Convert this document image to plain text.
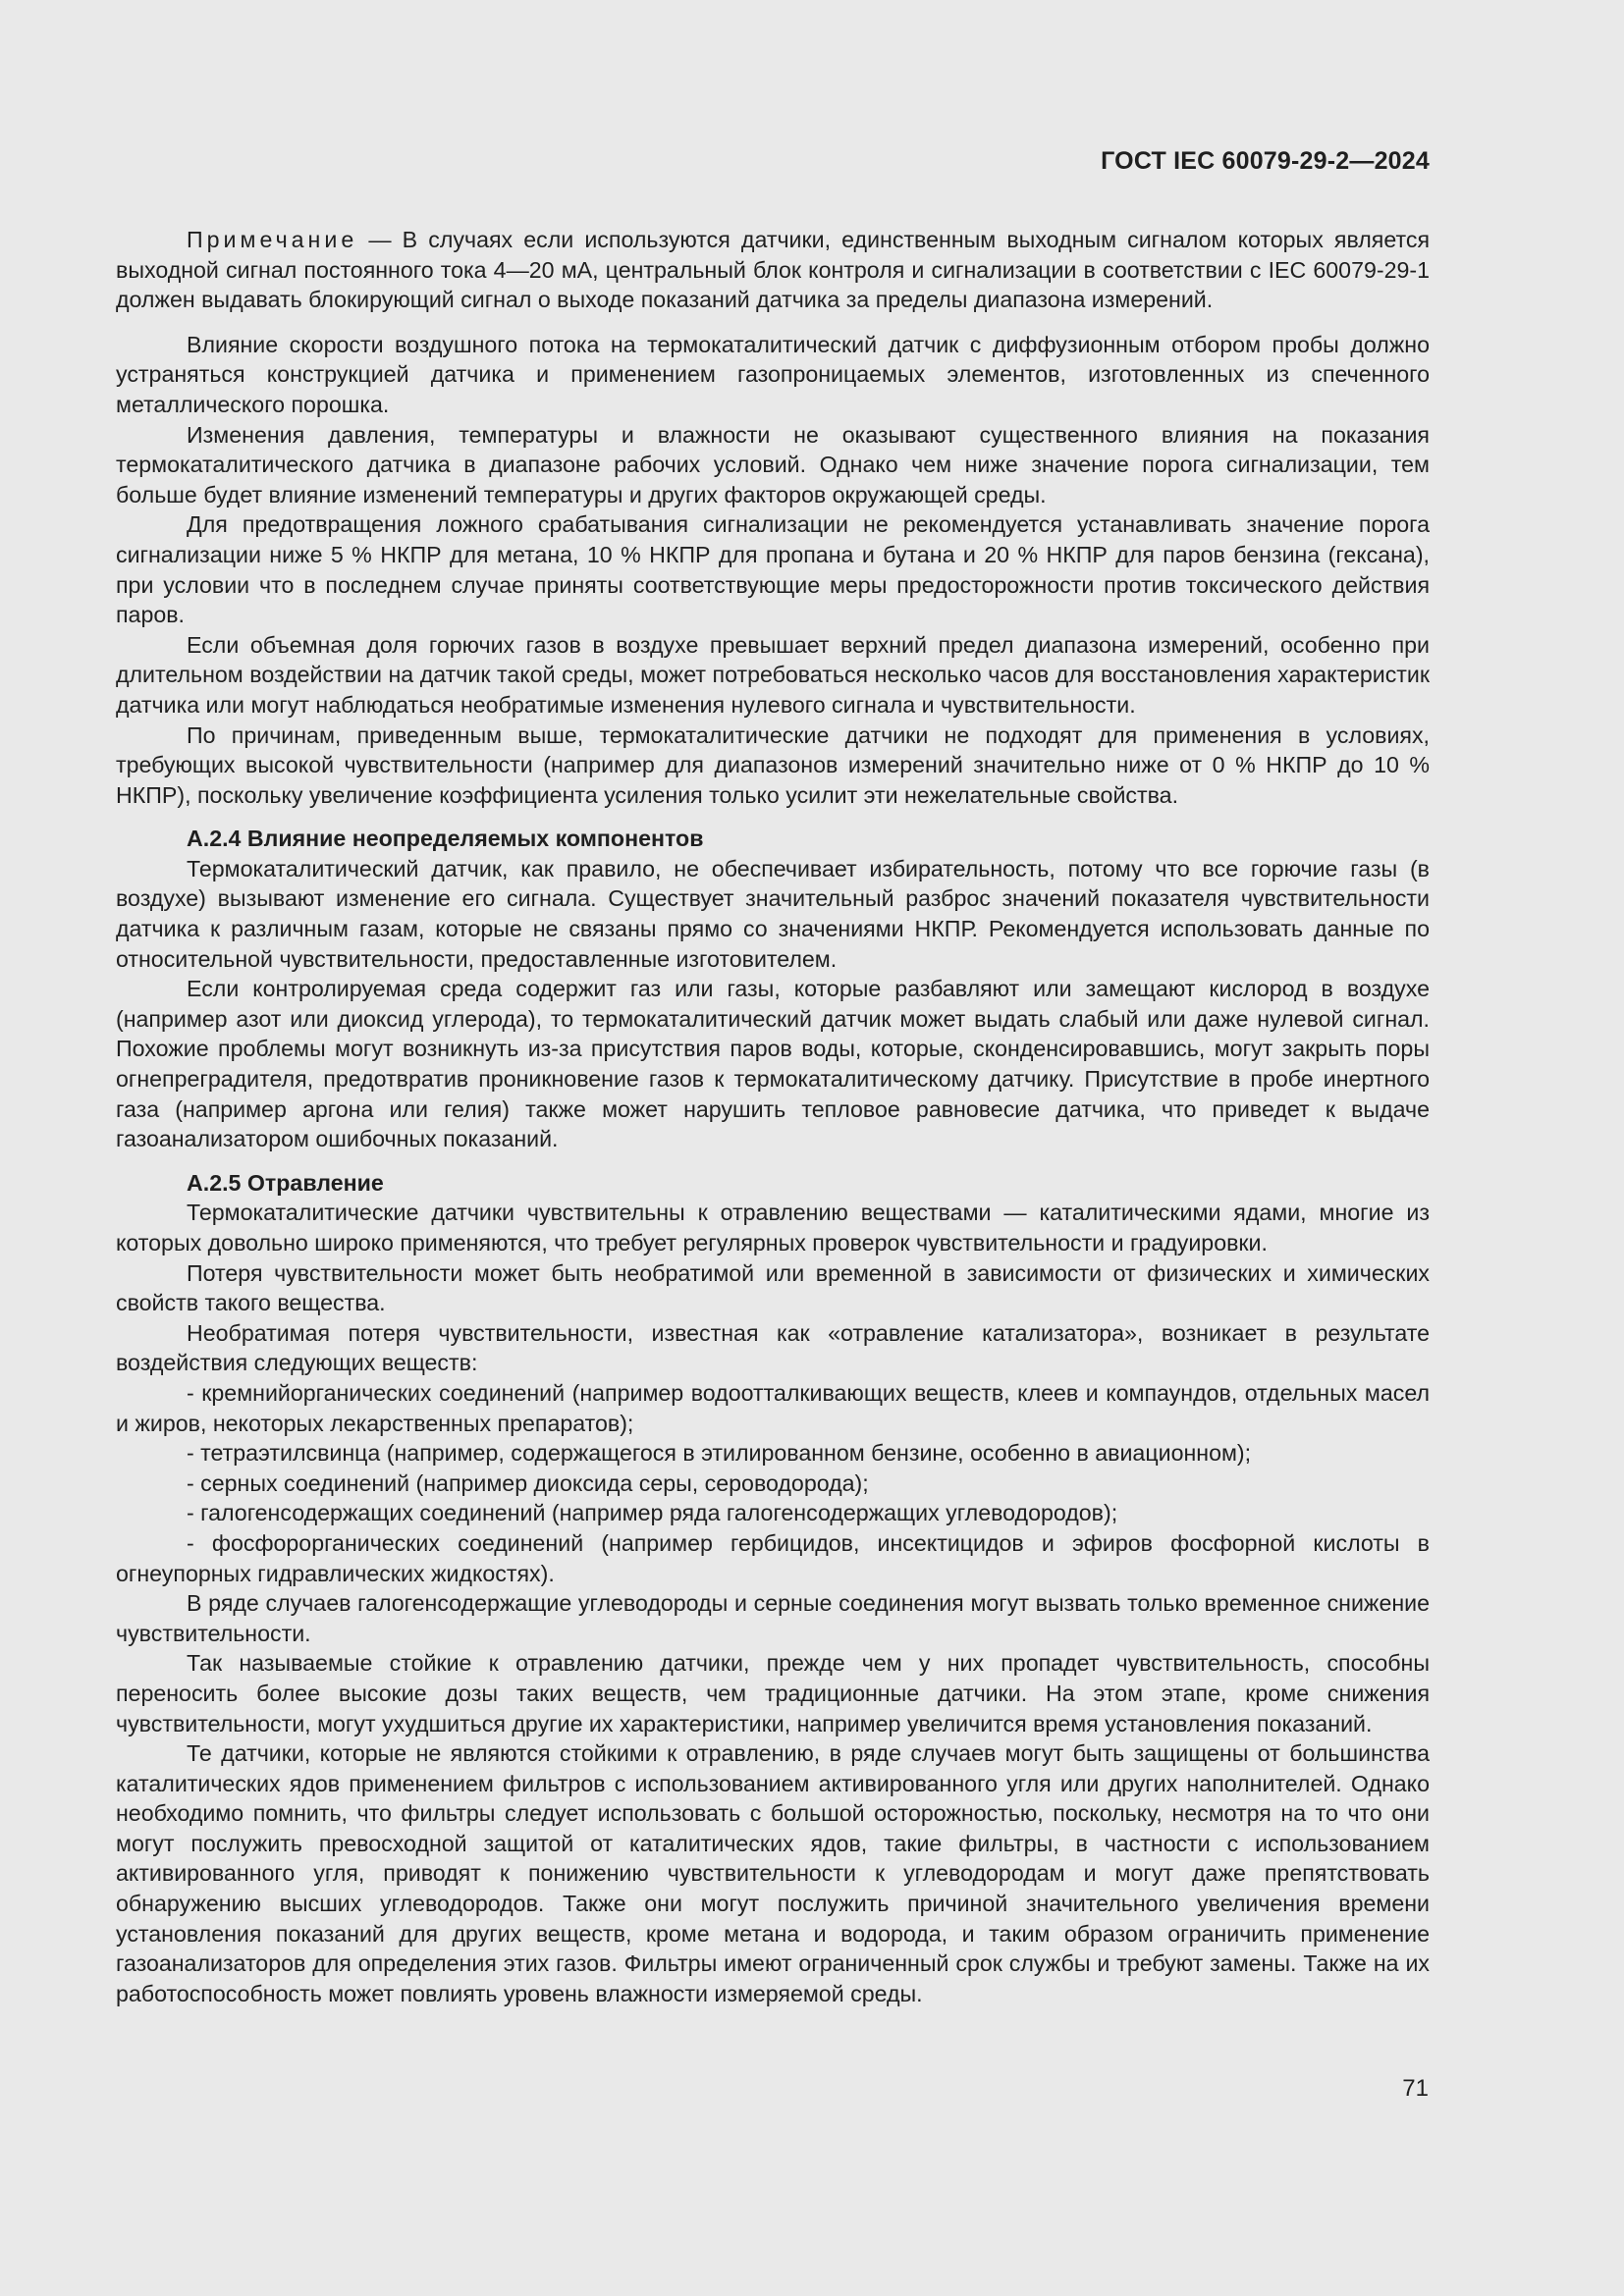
ГОСТ IEC 60079-29-2—2024

Примечание — В случаях если используются датчики, единственным выходным сигналом которых является выходной сигнал постоянного тока 4—20 мА, центральный блок контроля и сигнализации в соответствии с IEC 60079-29-1 должен выдавать блокирующий сигнал о выходе показаний датчика за пределы диапазона измерений.

Влияние скорости воздушного потока на термокаталитический датчик с диффузионным отбором пробы должно устраняться конструкцией датчика и применением газопроницаемых элементов, изготовленных из спеченного металлического порошка.

Изменения давления, температуры и влажности не оказывают существенного влияния на показания термокаталитического датчика в диапазоне рабочих условий. Однако чем ниже значение порога сигнализации, тем больше будет влияние изменений температуры и других факторов окружающей среды.

Для предотвращения ложного срабатывания сигнализации не рекомендуется устанавливать значение порога сигнализации ниже 5 % НКПР для метана, 10 % НКПР для пропана и бутана и 20 % НКПР для паров бензина (гексана), при условии что в последнем случае приняты соответствующие меры предосторожности против токсического действия паров.

Если объемная доля горючих газов в воздухе превышает верхний предел диапазона измерений, особенно при длительном воздействии на датчик такой среды, может потребоваться несколько часов для восстановления характеристик датчика или могут наблюдаться необратимые изменения нулевого сигнала и чувствительности.

По причинам, приведенным выше, термокаталитические датчики не подходят для применения в условиях, требующих высокой чувствительности (например для диапазонов измерений значительно ниже от 0 % НКПР до 10 % НКПР), поскольку увеличение коэффициента усиления только усилит эти нежелательные свойства.

А.2.4 Влияние неопределяемых компонентов

Термокаталитический датчик, как правило, не обеспечивает избирательность, потому что все горючие газы (в воздухе) вызывают изменение его сигнала. Существует значительный разброс значений показателя чувствительности датчика к различным газам, которые не связаны прямо со значениями НКПР. Рекомендуется использовать данные по относительной чувствительности, предоставленные изготовителем.

Если контролируемая среда содержит газ или газы, которые разбавляют или замещают кислород в воздухе (например азот или диоксид углерода), то термокаталитический датчик может выдать слабый или даже нулевой сигнал. Похожие проблемы могут возникнуть из-за присутствия паров воды, которые, сконденсировавшись, могут закрыть поры огнепреградителя, предотвратив проникновение газов к термокаталитическому датчику. Присутствие в пробе инертного газа (например аргона или гелия) также может нарушить тепловое равновесие датчика, что приведет к выдаче газоанализатором ошибочных показаний.

А.2.5 Отравление

Термокаталитические датчики чувствительны к отравлению веществами — каталитическими ядами, многие из которых довольно широко применяются, что требует регулярных проверок чувствительности и градуировки.

Потеря чувствительности может быть необратимой или временной в зависимости от физических и химических свойств такого вещества.

Необратимая потеря чувствительности, известная как «отравление катализатора», возникает в результате воздействия следующих веществ:

- кремнийорганических соединений (например водоотталкивающих веществ, клеев и компаундов, отдельных масел и жиров, некоторых лекарственных препаратов);

- тетраэтилсвинца (например, содержащегося в этилированном бензине, особенно в авиационном);

- серных соединений (например диоксида серы, сероводорода);

- галогенсодержащих соединений (например ряда галогенсодержащих углеводородов);

- фосфорорганических соединений (например гербицидов, инсектицидов и эфиров фосфорной кислоты в огнеупорных гидравлических жидкостях).

В ряде случаев галогенсодержащие углеводороды и серные соединения могут вызвать только временное снижение чувствительности.

Так называемые стойкие к отравлению датчики, прежде чем у них пропадет чувствительность, способны переносить более высокие дозы таких веществ, чем традиционные датчики. На этом этапе, кроме снижения чувствительности, могут ухудшиться другие их характеристики, например увеличится время установления показаний.

Те датчики, которые не являются стойкими к отравлению, в ряде случаев могут быть защищены от большинства каталитических ядов применением фильтров с использованием активированного угля или других наполнителей. Однако необходимо помнить, что фильтры следует использовать с большой осторожностью, поскольку, несмотря на то что они могут послужить превосходной защитой от каталитических ядов, такие фильтры, в частности с использованием активированного угля, приводят к понижению чувствительности к углеводородам и могут даже препятствовать обнаружению высших углеводородов. Также они могут послужить причиной значительного увеличения времени установления показаний для других веществ, кроме метана и водорода, и таким образом ограничить применение газоанализаторов для определения этих газов. Фильтры имеют ограниченный срок службы и требуют замены. Также на их работоспособность может повлиять уровень влажности измеряемой среды.

71
